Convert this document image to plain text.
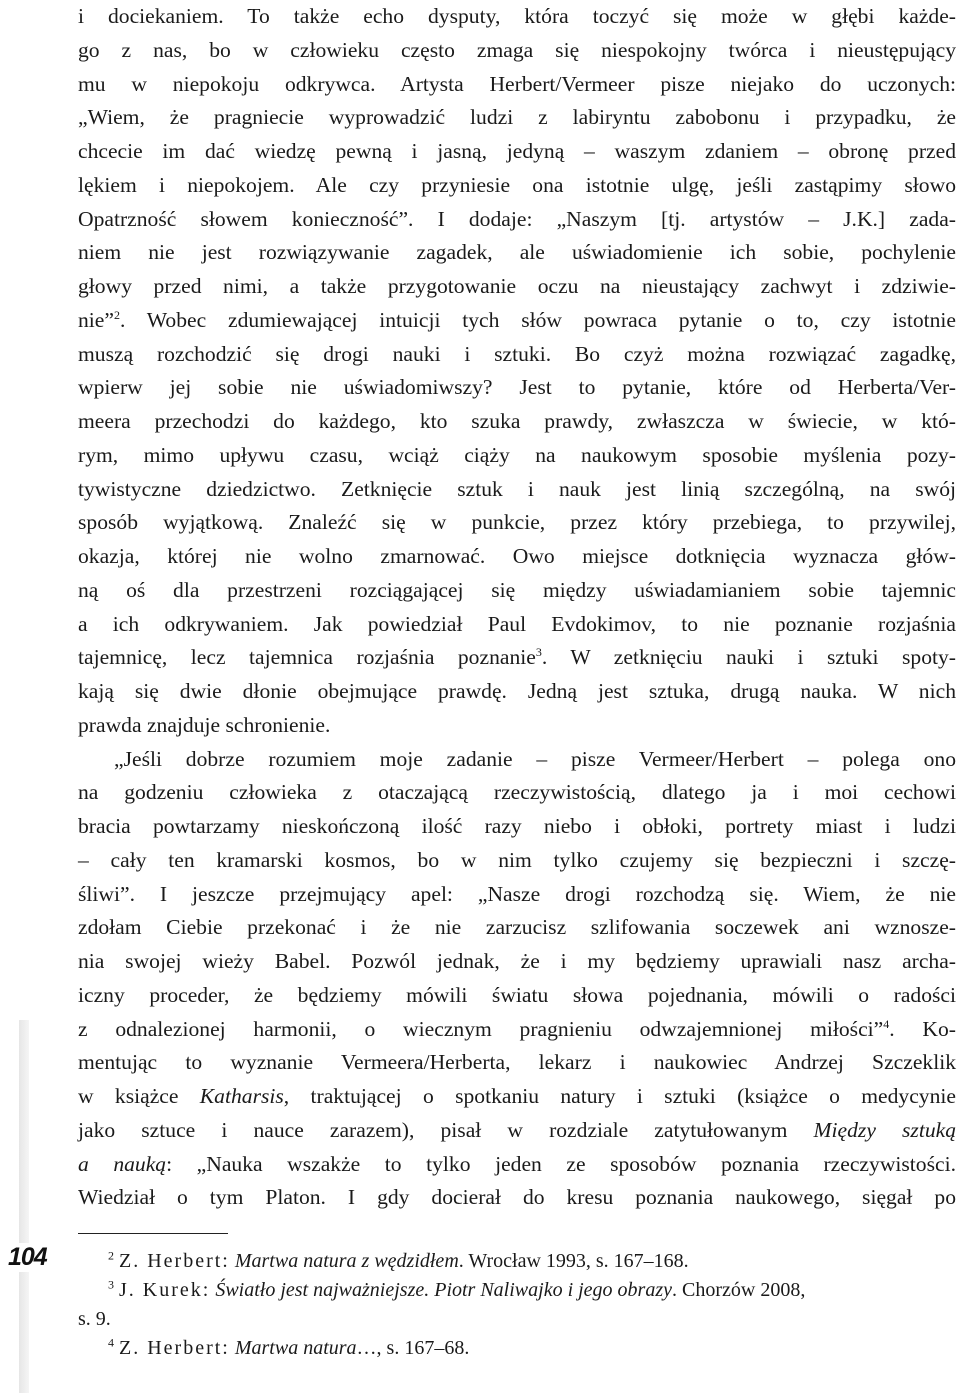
104
i dociekaniem. To także echo dysputy, która toczyć się może w głębi każde-
go z nas, bo w człowieku często zmaga się niespokojny twórca i nieustępujący
mu w niepokoju odkrywca. Artysta Herbert/Vermeer pisze niejako do uczonych:
„Wiem, że pragniecie wyprowadzić ludzi z labiryntu zabobonu i przypadku, że
chcecie im dać wiedzę pewną i jasną, jedyną – waszym zdaniem – obronę przed
lękiem i niepokojem. Ale czy przyniesie ona istotnie ulgę, jeśli zastąpimy słowo
Opatrzność słowem konieczność”. I dodaje: „Naszym [tj. artystów – J.K.] zada-
niem nie jest rozwiązywanie zagadek, ale uświadomienie ich sobie, pochylenie
głowy przed nimi, a także przygotowanie oczu na nieustający zachwyt i zdziwie-
nie”$^2$. Wobec zdumiewającej intuicji tych słów powraca pytanie o to, czy istotnie
muszą rozchodzić się drogi nauki i sztuki. Bo czyż można rozwiązać zagadkę,
wpierw jej sobie nie uświadomiwszy? Jest to pytanie, które od Herberta/Ver-
meera przechodzi do każdego, kto szuka prawdy, zwłaszcza w świecie, w któ-
rym, mimo upływu czasu, wciąż ciąży na naukowym sposobie myślenia pozy-
tywistyczne dziedzictwo. Zetknięcie sztuk i nauk jest linią szczególną, na swój
sposób wyjątkową. Znaleźć się w punkcie, przez który przebiega, to przywilej,
okazja, której nie wolno zmarnować. Owo miejsce dotknięcia wyznacza głów-
ną oś dla przestrzeni rozciągającej się między uświadamianiem sobie tajemnic
a ich odkrywaniem. Jak powiedział Paul Evdokimov, to nie poznanie rozjaśnia
tajemnicę, lecz tajemnica rozjaśnia poznanie$^3$. W zetknięciu nauki i sztuki spoty-
kają się dwie dłonie obejmujące prawdę. Jedną jest sztuka, drugą nauka. W nich
prawda znajduje schronienie.
„Jeśli dobrze rozumiem moje zadanie – pisze Vermeer/Herbert – polega ono
na godzeniu człowieka z otaczającą rzeczywistością, dlatego ja i moi cechowi
bracia powtarzamy nieskończoną ilość razy niebo i obłoki, portrety miast i ludzi
– cały ten kramarski kosmos, bo w nim tylko czujemy się bezpieczni i szczę-
śliwi”. I jeszcze przejmujący apel: „Nasze drogi rozchodzą się. Wiem, że nie
zdołam Ciebie przekonać i że nie zarzucisz szlifowania soczewek ani wznosze-
nia swojej wieży Babel. Pozwól jednak, że i my będziemy uprawiali nasz archa-
iczny proceder, że będziemy mówili światu słowa pojednania, mówili o radości
z odnalezionej harmonii, o wiecznym pragnieniu odwzajemnionej miłości”$^4$. Ko-
mentując to wyznanie Vermeera/Herberta, lekarz i naukowiec Andrzej Szczeklik
w książce Katharsis, traktującej o spotkaniu natury i sztuki (książce o medycynie
jako sztuce i nauce zarazem), pisał w rozdziale zatytułowanym Między sztuką
a nauką: „Nauka wszakże to tylko jeden ze sposobów poznania rzeczywistości.
Wiedział o tym Platon. I gdy docierał do kresu poznania naukowego, sięgał po
$^2$ Z. Herbert: Martwa natura z wędzidłem. Wrocław 1993, s. 167–168.
$^3$ J. Kurek: Światło jest najważniejsze. Piotr Naliwajko i jego obrazy. Chorzów 2008,
s. 9.
$^4$ Z. Herbert: Martwa natura…, s. 167–68.
